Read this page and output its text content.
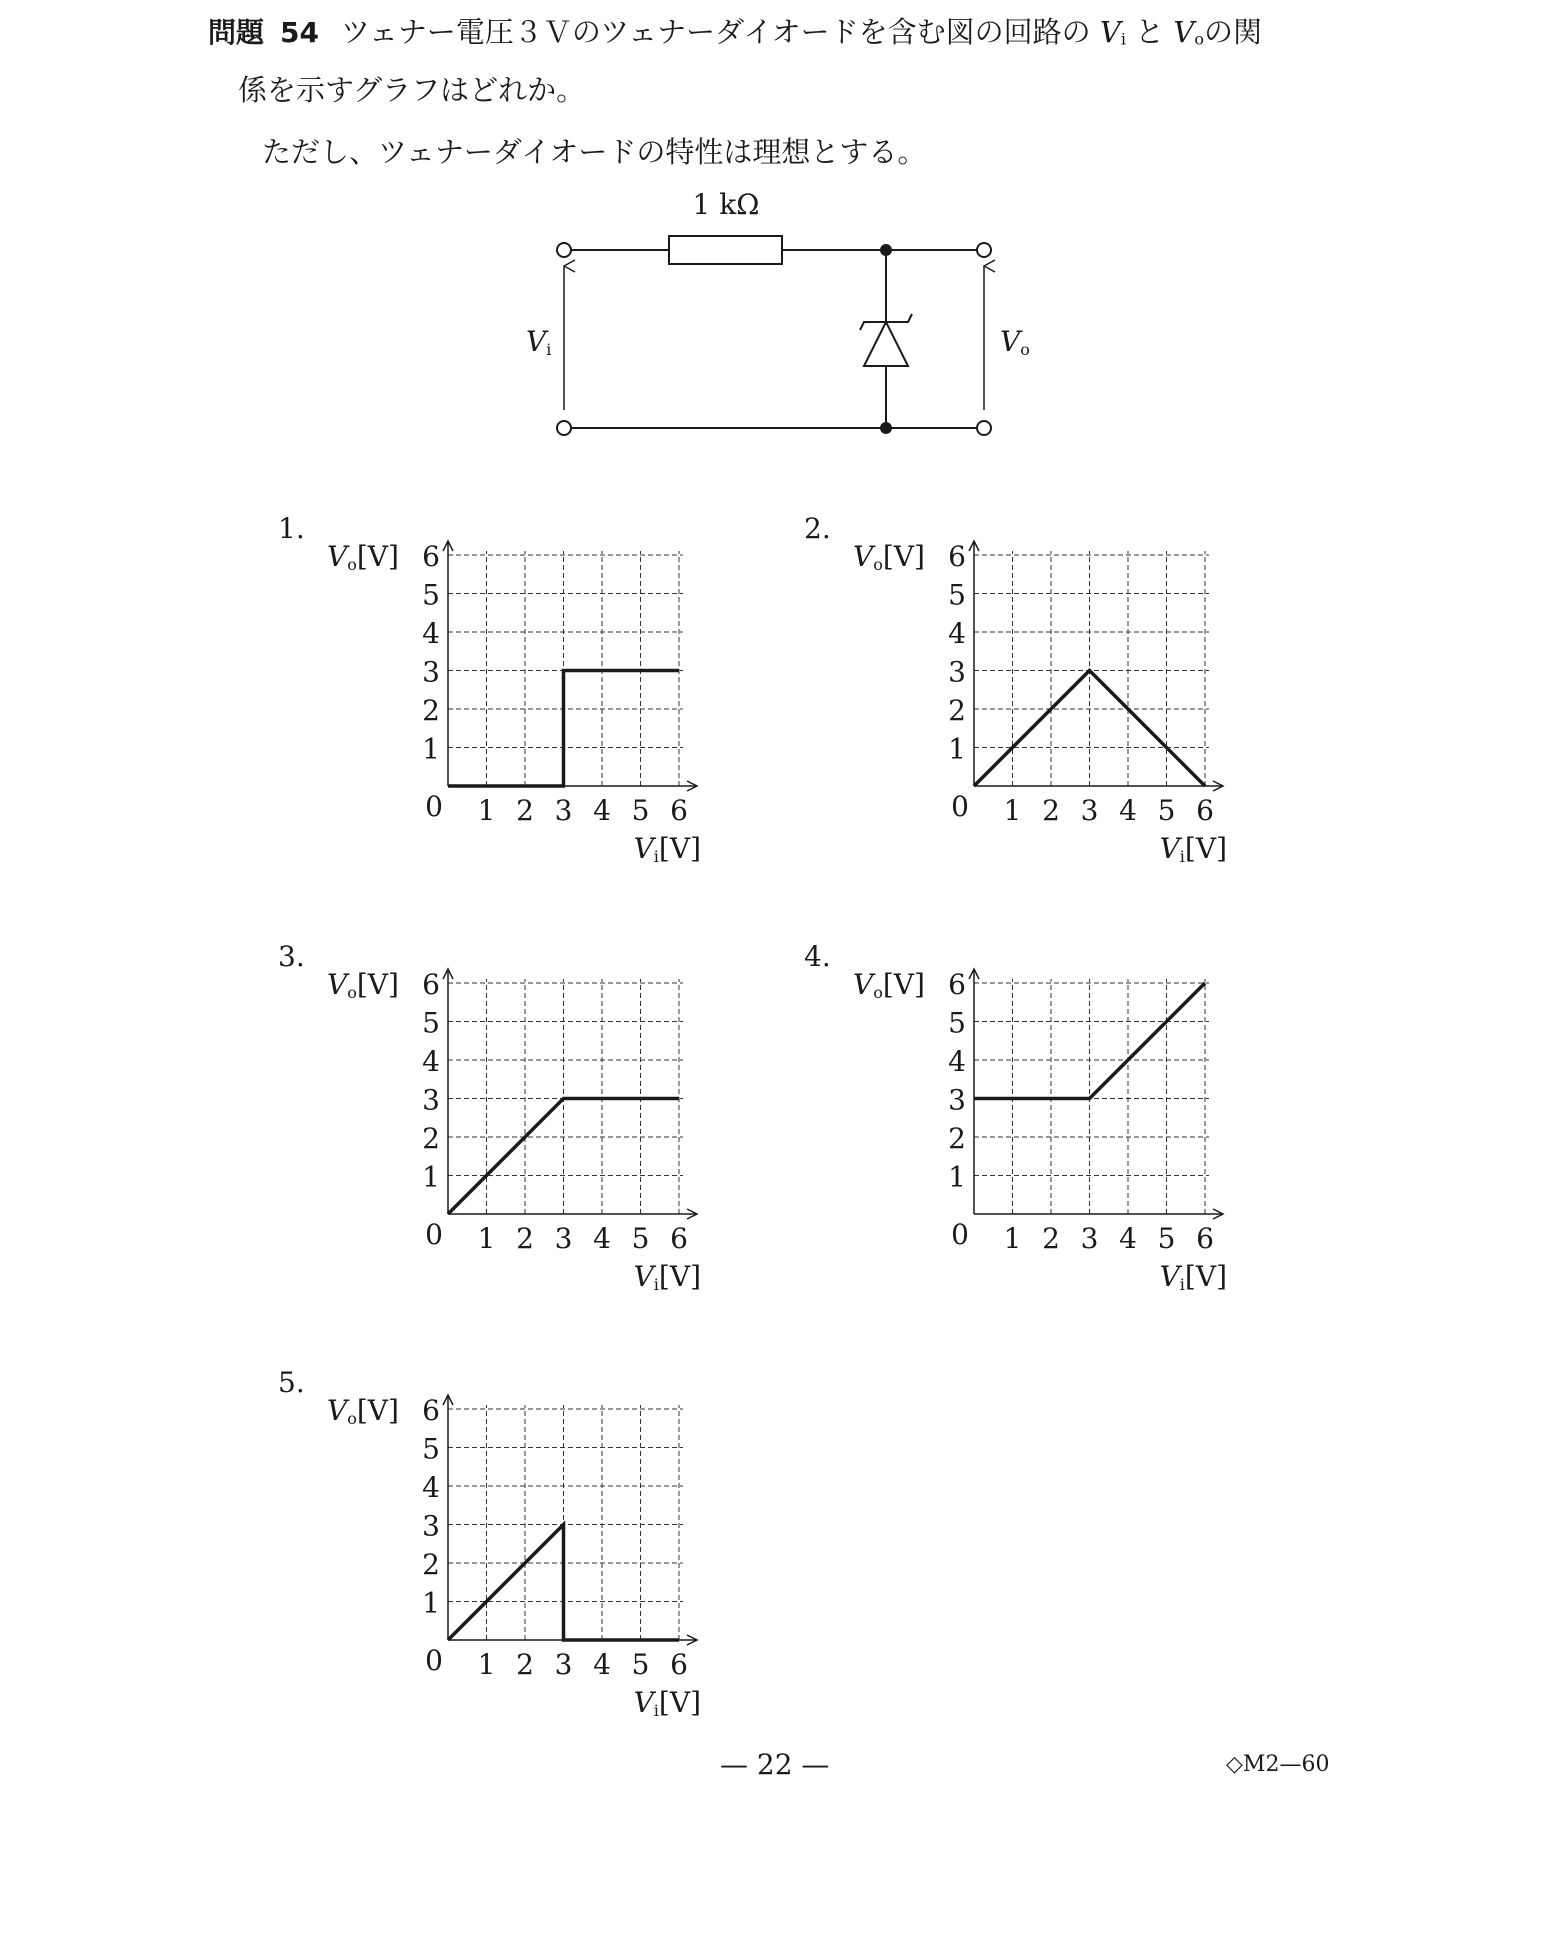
問題 54 ツェナー電圧３Ｖのツェナーダイオードを含む図の回路の Vi と Voの関
係を示すグラフはどれか。
ただし、ツェナーダイオードの特性は理想とする。
1 kΩ
Vi	Vo
1.
1
2
3
4
5
6
1 2 3 4 5 6
0
Vo[V]
Vi[V]
2.
1
2
3
4
5
6
1 2 3 4 5 6
0
Vo[V]
Vi[V]
3.
1
2
3
4
5
6
1 2 3 4 5 6
0
Vo[V]
Vi[V]
4.
1
2
3
4
5
6
1 2 3 4 5 6
0
Vo[V]
Vi[V]
5.
1
2
3
4
5
6
1 2 3 4 5 6
0
Vo[V]
Vi[V]
— 22 —	◇M2—60
